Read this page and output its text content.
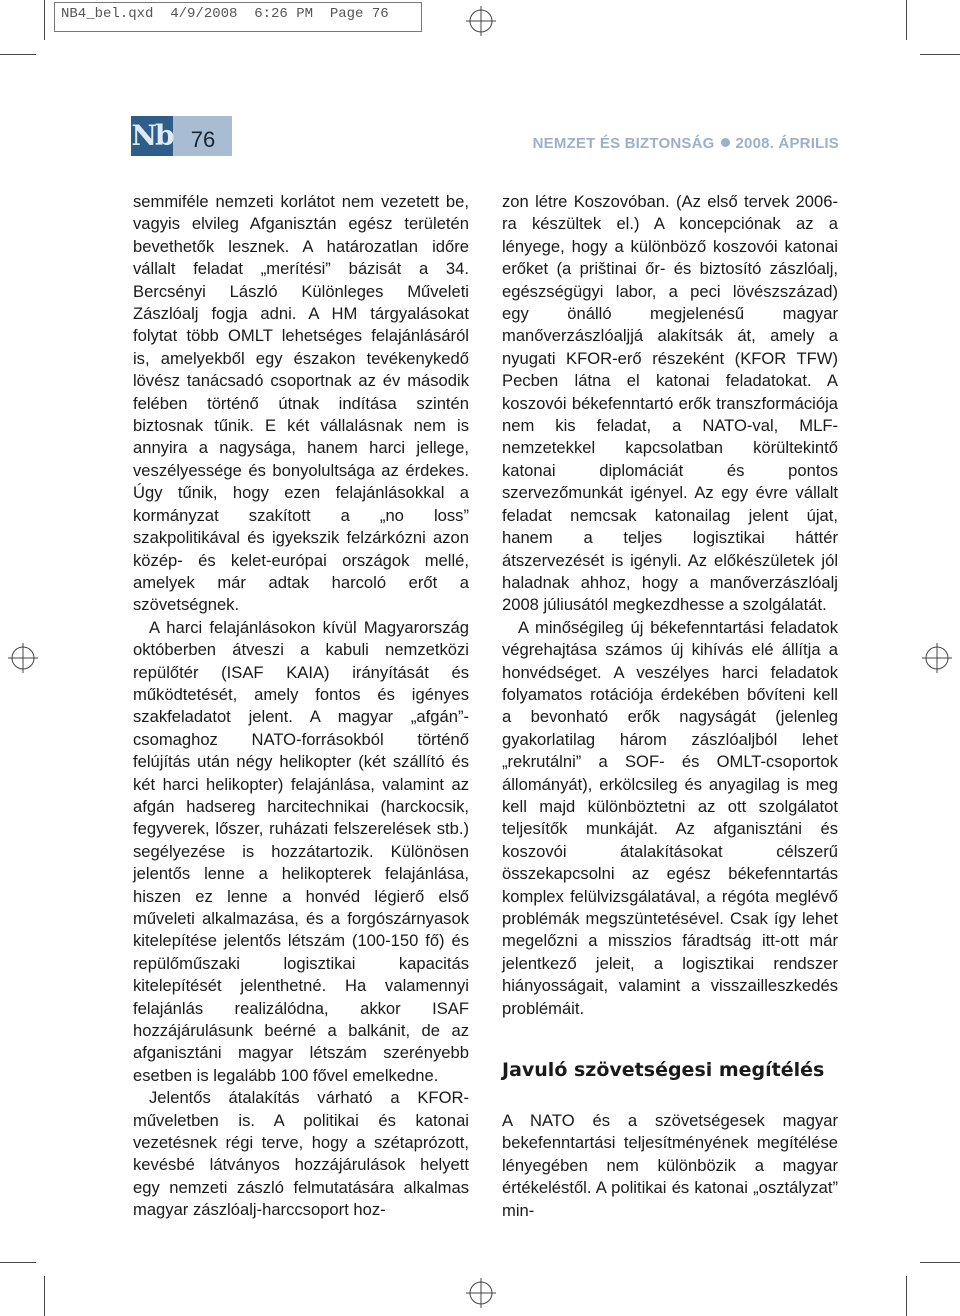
NB4_bel.qxd  4/9/2008  6:26 PM  Page 76
Nb 76	NEMZET ÉS BIZTONSÁG 2008. ÁPRILIS

semmiféle nemzeti korlátot nem vezetett be, vagyis elvileg Afganisztán egész területén bevethetők lesznek. A határozatlan időre vállalt feladat „merítési” bázisát a 34. Bercsényi László Különleges Műveleti Zászlóalj fogja adni. A HM tárgyalásokat folytat több OMLT lehetséges felajánlásáról is, amelyekből egy északon tevékenykedő lövész tanácsadó csoportnak az év második felében történő útnak indítása szintén biztosnak tűnik. E két vállalásnak nem is annyira a nagysága, hanem harci jellege, veszélyessége és bonyolultsága az érdekes. Úgy tűnik, hogy ezen felajánlásokkal a kormányzat szakított a „no loss” szakpolitikával és igyekszik felzárkózni azon közép- és kelet-európai országok mellé, amelyek már adtak harcoló erőt a szövetségnek.

A harci felajánlásokon kívül Magyarország októberben átveszi a kabuli nemzetközi repülőtér (ISAF KAIA) irányítását és működtetését, amely fontos és igényes szakfeladatot jelent. A magyar „afgán”-csomaghoz NATO-forrásokból történő felújítás után négy helikopter (két szállító és két harci helikopter) felajánlása, valamint az afgán hadsereg harcitechnikai (harckocsik, fegyverek, lőszer, ruházati felszerelések stb.) segélyezése is hozzátartozik. Különösen jelentős lenne a helikopterek felajánlása, hiszen ez lenne a honvéd légierő első műveleti alkalmazása, és a forgószárnyasok kitelepítése jelentős létszám (100-150 fő) és repülőműszaki logisztikai kapacitás kitelepítését jelenthetné. Ha valamennyi felajánlás realizálódna, akkor ISAF hozzájárulásunk beérné a balkánit, de az afganisztáni magyar létszám szerényebb esetben is legalább 100 fővel emelkedne.

Jelentős átalakítás várható a KFOR-műveletben is. A politikai és katonai vezetésnek régi terve, hogy a szétaprózott, kevésbé látványos hozzájárulások helyett egy nemzeti zászló felmutatására alkalmas magyar zászlóalj-harccsoport hoz-

zon létre Koszovóban. (Az első tervek 2006-ra készültek el.) A koncepciónak az a lényege, hogy a különböző koszovói katonai erőket (a prištinai őr- és biztosító zászlóalj, egészségügyi labor, a peci lövészszázad) egy önálló megjelenésű magyar manőverzászlóaljjá alakítsák át, amely a nyugati KFOR-erő részeként (KFOR TFW) Pecben látna el katonai feladatokat. A koszovói békefenntartó erők transzformációja nem kis feladat, a NATO-val, MLF-nemzetekkel kapcsolatban körültekintő katonai diplomáciát és pontos szervezőmunkát igényel. Az egy évre vállalt feladat nemcsak katonailag jelent újat, hanem a teljes logisztikai háttér átszervezését is igényli. Az előkészületek jól haladnak ahhoz, hogy a manőverzászlóalj 2008 júliusától megkezdhesse a szolgálatát.

A minőségileg új békefenntartási feladatok végrehajtása számos új kihívás elé állítja a honvédséget. A veszélyes harci feladatok folyamatos rotációja érdekében bővíteni kell a bevonható erők nagyságát (jelenleg gyakorlatilag három zászlóaljból lehet „rekrutálni” a SOF- és OMLT-csoportok állományát), erkölcsileg és anyagilag is meg kell majd különböztetni az ott szolgálatot teljesítők munkáját. Az afganisztáni és koszovói átalakításokat célszerű összekapcsolni az egész békefenntartás komplex felülvizsgálatával, a régóta meglévő problémák megszüntetésével. Csak így lehet megelőzni a misszios fáradtság itt-ott már jelentkező jeleit, a logisztikai rendszer hiányosságait, valamint a visszailleszkedés problémáit.

Javuló szövetségesi megítélés

A NATO és a szövetségesek magyar bekefenntartási teljesítményének megítélése lényegében nem különbözik a magyar értékeléstől. A politikai és katonai „osztályzat” min-
